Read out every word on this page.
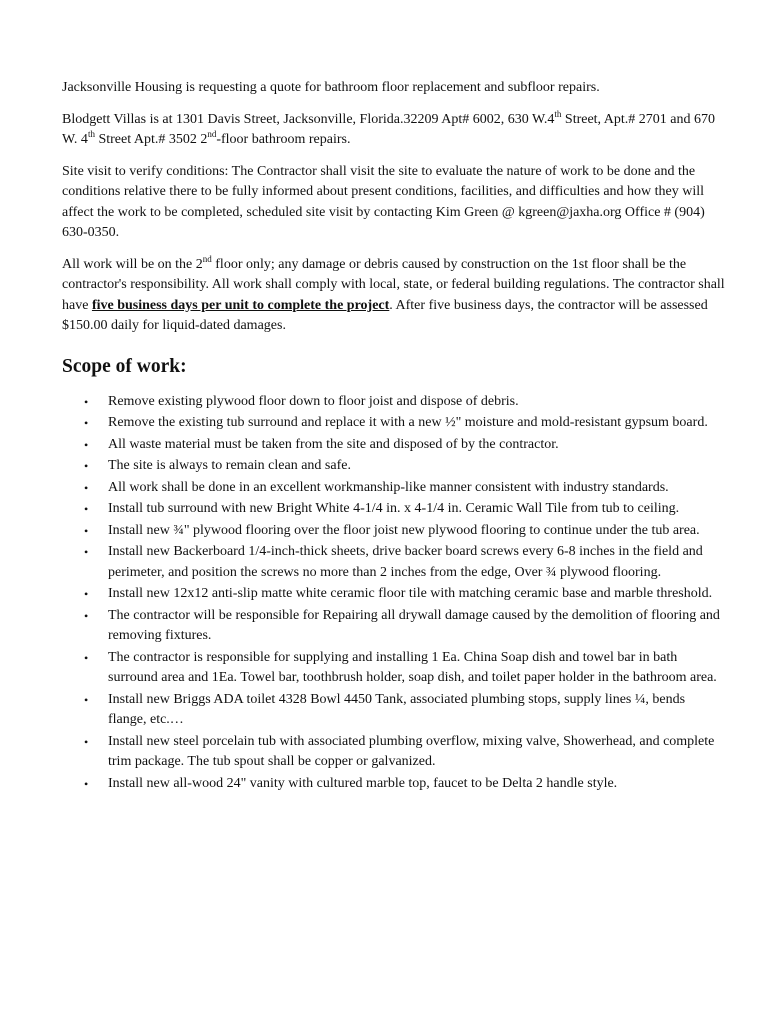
Jacksonville Housing is requesting a quote for bathroom floor replacement and subfloor repairs.

Blodgett Villas is at 1301 Davis Street, Jacksonville, Florida.32209 Apt# 6002, 630 W.4th Street, Apt.# 2701 and 670 W. 4th Street Apt.# 3502 2nd-floor bathroom repairs.

Site visit to verify conditions: The Contractor shall visit the site to evaluate the nature of work to be done and the conditions relative there to be fully informed about present conditions, facilities, and difficulties and how they will affect the work to be completed, scheduled site visit by contacting Kim Green @ kgreen@jaxha.org Office # (904) 630-0350.

All work will be on the 2nd floor only; any damage or debris caused by construction on the 1st floor shall be the contractor's responsibility. All work shall comply with local, state, or federal building regulations. The contractor shall have five business days per unit to complete the project. After five business days, the contractor will be assessed $150.00 daily for liquid-dated damages.

Scope of work:
• Remove existing plywood floor down to floor joist and dispose of debris.
• Remove the existing tub surround and replace it with a new ½" moisture and mold-resistant gypsum board.
• All waste material must be taken from the site and disposed of by the contractor.
• The site is always to remain clean and safe.
• All work shall be done in an excellent workmanship-like manner consistent with industry standards.
• Install tub surround with new Bright White 4-1/4 in. x 4-1/4 in. Ceramic Wall Tile from tub to ceiling.
• Install new ¾" plywood flooring over the floor joist new plywood flooring to continue under the tub area.
• Install new Backerboard 1/4-inch-thick sheets, drive backer board screws every 6-8 inches in the field and perimeter, and position the screws no more than 2 inches from the edge, Over ¾ plywood flooring.
• Install new 12x12 anti-slip matte white ceramic floor tile with matching ceramic base and marble threshold.
• The contractor will be responsible for Repairing all drywall damage caused by the demolition of flooring and removing fixtures.
• The contractor is responsible for supplying and installing 1 Ea. China Soap dish and towel bar in bath surround area and 1Ea. Towel bar, toothbrush holder, soap dish, and toilet paper holder in the bathroom area.
• Install new Briggs ADA toilet 4328 Bowl 4450 Tank, associated plumbing stops, supply lines ¼, bends flange, etc.…
• Install new steel porcelain tub with associated plumbing overflow, mixing valve, Showerhead, and complete trim package. The tub spout shall be copper or galvanized.
• Install new all-wood 24" vanity with cultured marble top, faucet to be Delta 2 handle style.
